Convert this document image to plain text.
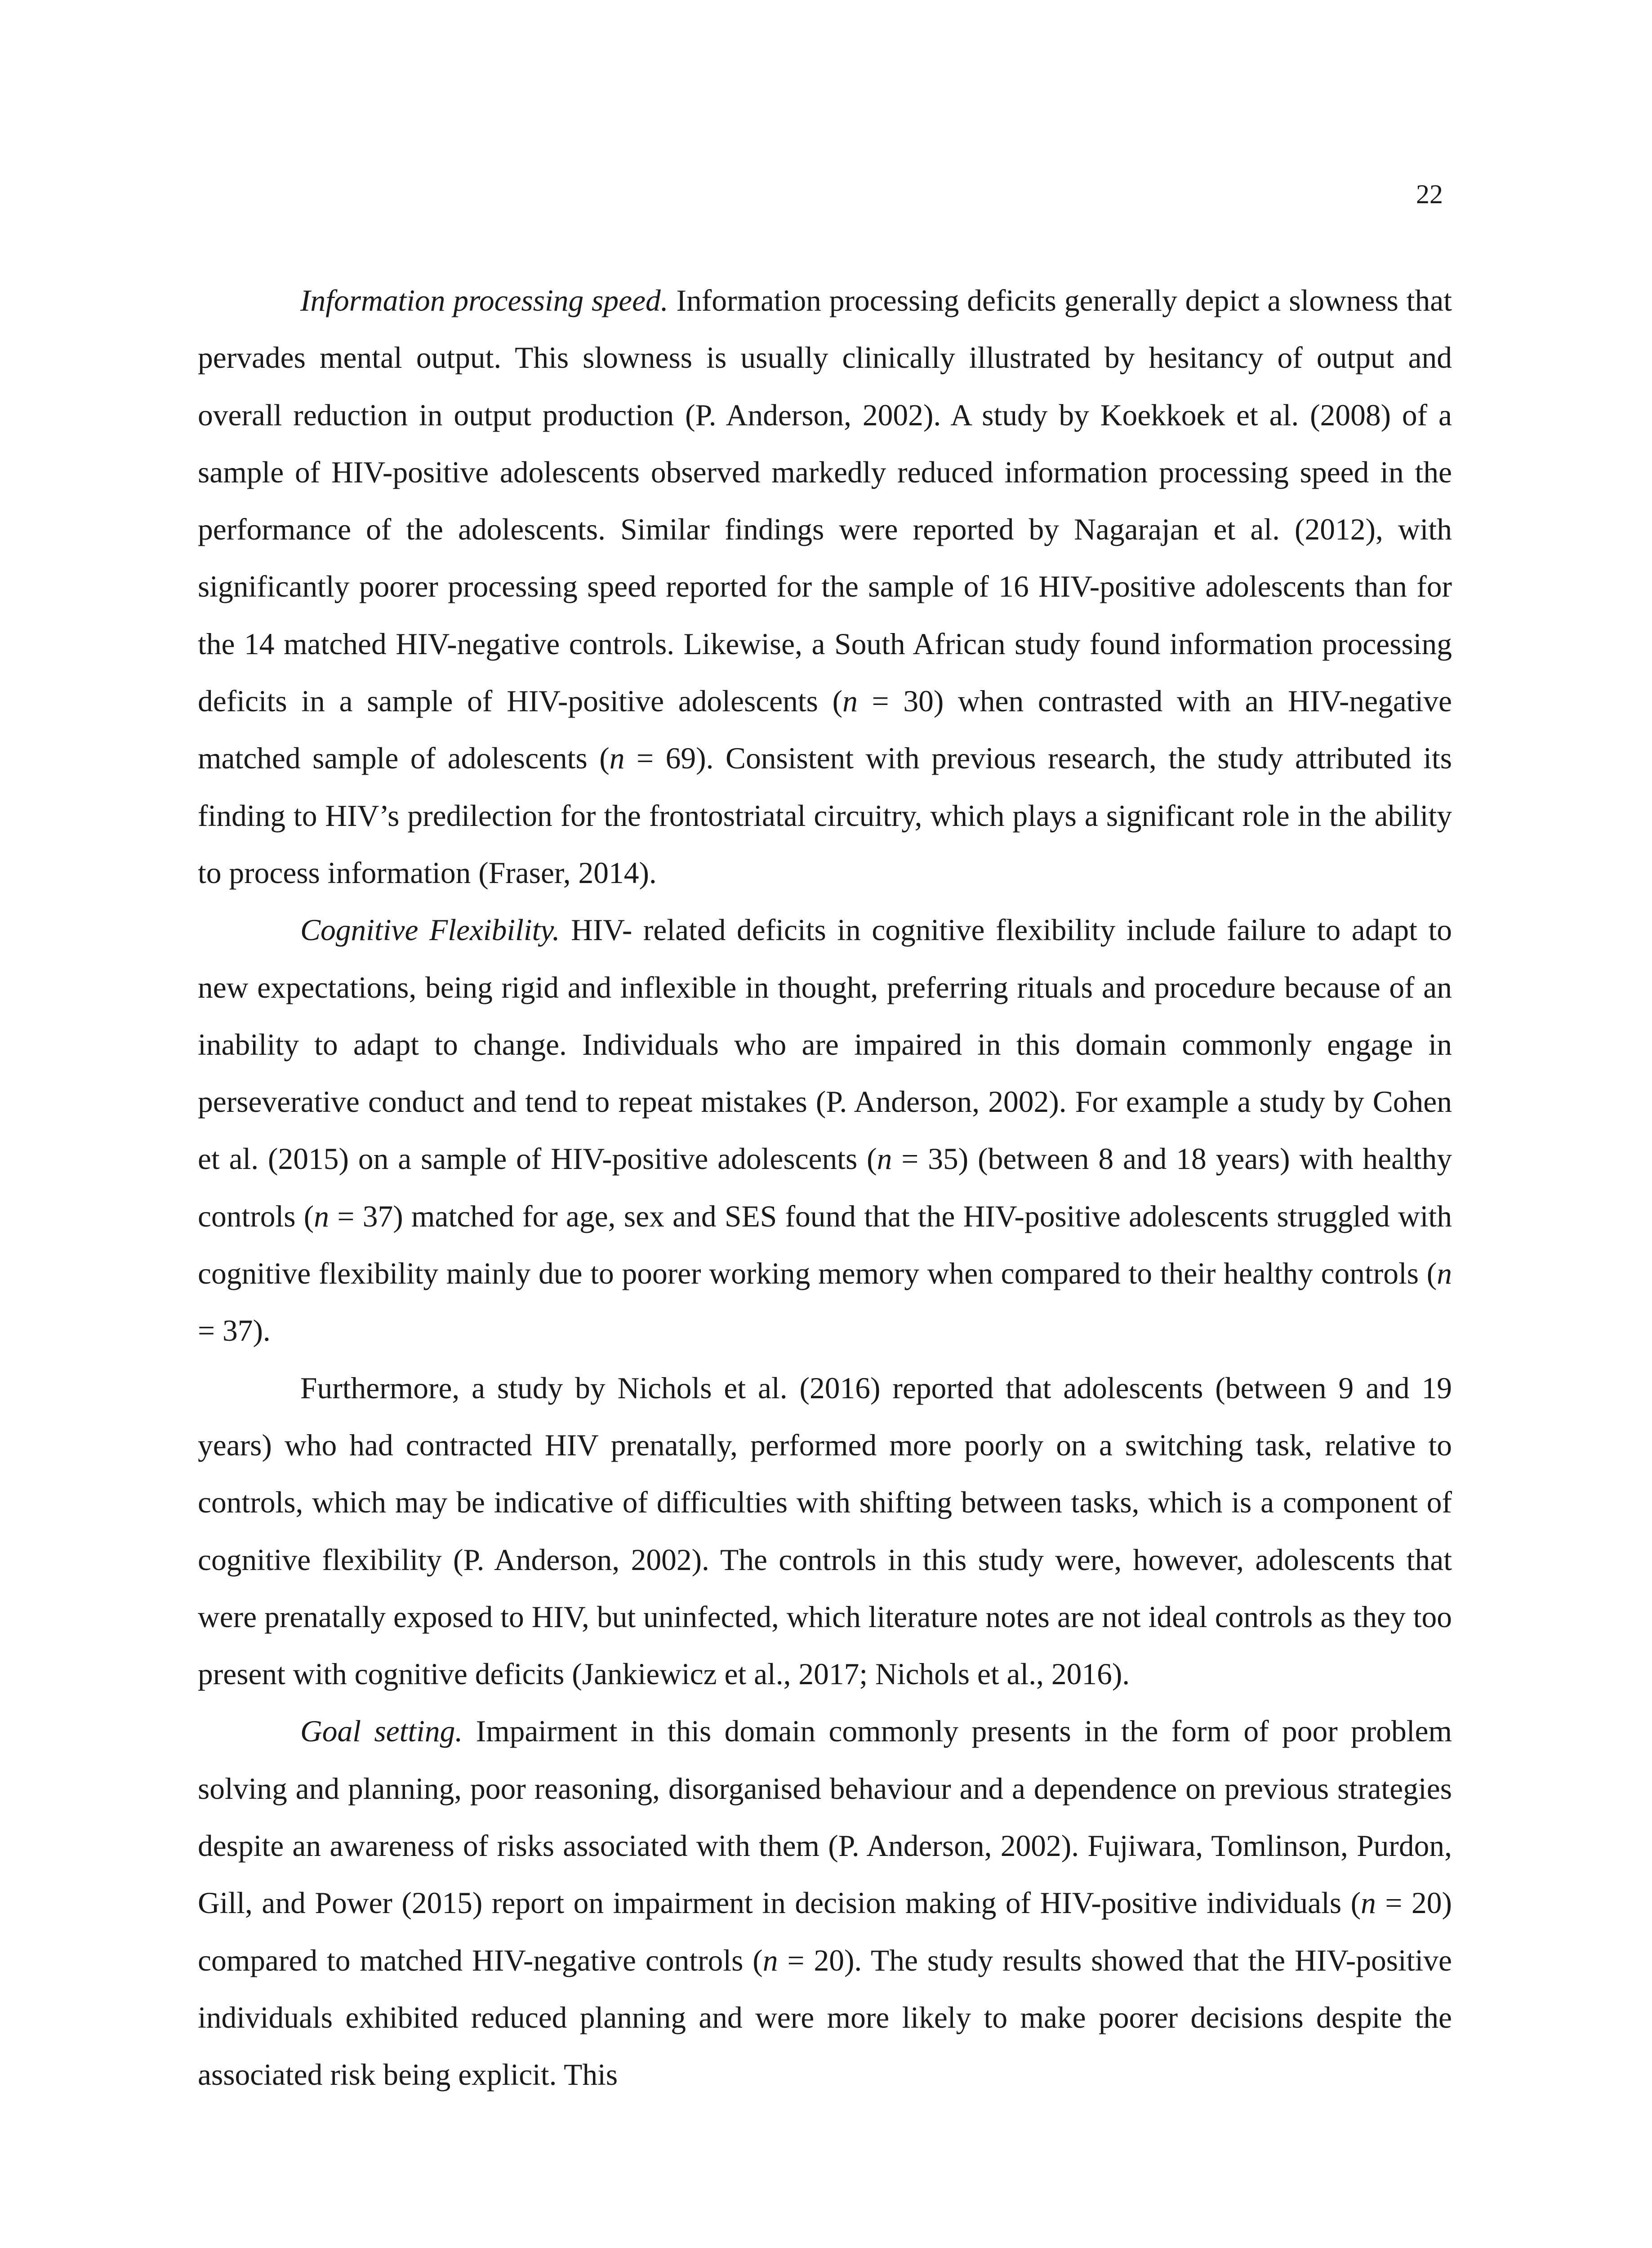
22

Information processing speed. Information processing deficits generally depict a slowness that pervades mental output. This slowness is usually clinically illustrated by hesitancy of output and overall reduction in output production (P. Anderson, 2002). A study by Koekkoek et al. (2008) of a sample of HIV-positive adolescents observed markedly reduced information processing speed in the performance of the adolescents. Similar findings were reported by Nagarajan et al. (2012), with significantly poorer processing speed reported for the sample of 16 HIV-positive adolescents than for the 14 matched HIV-negative controls. Likewise, a South African study found information processing deficits in a sample of HIV-positive adolescents (n = 30) when contrasted with an HIV-negative matched sample of adolescents (n = 69). Consistent with previous research, the study attributed its finding to HIV’s predilection for the frontostriatal circuitry, which plays a significant role in the ability to process information (Fraser, 2014).

Cognitive Flexibility. HIV- related deficits in cognitive flexibility include failure to adapt to new expectations, being rigid and inflexible in thought, preferring rituals and procedure because of an inability to adapt to change. Individuals who are impaired in this domain commonly engage in perseverative conduct and tend to repeat mistakes (P. Anderson, 2002). For example a study by Cohen et al. (2015) on a sample of HIV-positive adolescents (n = 35) (between 8 and 18 years) with healthy controls (n = 37) matched for age, sex and SES found that the HIV-positive adolescents struggled with cognitive flexibility mainly due to poorer working memory when compared to their healthy controls (n = 37).

Furthermore, a study by Nichols et al. (2016) reported that adolescents (between 9 and 19 years) who had contracted HIV prenatally, performed more poorly on a switching task, relative to controls, which may be indicative of difficulties with shifting between tasks, which is a component of cognitive flexibility (P. Anderson, 2002). The controls in this study were, however, adolescents that were prenatally exposed to HIV, but uninfected, which literature notes are not ideal controls as they too present with cognitive deficits (Jankiewicz et al., 2017; Nichols et al., 2016).

Goal setting. Impairment in this domain commonly presents in the form of poor problem solving and planning, poor reasoning, disorganised behaviour and a dependence on previous strategies despite an awareness of risks associated with them (P. Anderson, 2002). Fujiwara, Tomlinson, Purdon, Gill, and Power (2015) report on impairment in decision making of HIV-positive individuals (n = 20) compared to matched HIV-negative controls (n = 20). The study results showed that the HIV-positive individuals exhibited reduced planning and were more likely to make poorer decisions despite the associated risk being explicit. This
